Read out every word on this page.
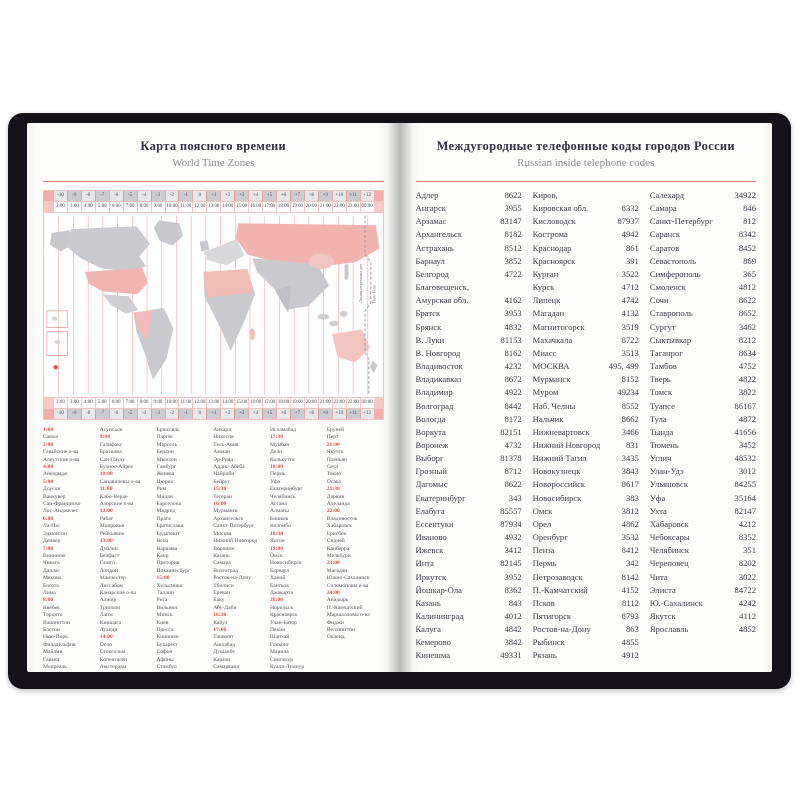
Карта поясного времени
World Time Zones
-10	-9	-8	-7	-6	-5	-4	-3	-2	-1	0	+1	+2	+3	+4	+5	+6	+7	+8	+9	+10	+11	+12
2:00	3:00	4:00	5:00	6:00	7:00	8:00	9:00 10:00 11:00 12:00 13:00 14:00 15:00 16:00 17:00 18:00 19:00 20:00 21:00 22:00 23:00 00:00
Линия перемены дат Date Line
2:00	3:00	4:00	5:00	6:00	7:00	8:00	9:00 10:00 11:00 12:00 13:00 14:00 15:00 16:00 17:00 18:00 19:00 20:00 21:00 22:00 23:00 00:00
-10	-9	-8	-7	-6	-5	-4	-3	-2	-1	0	+1	+2	+3	+4	+5	+6	+7	+8	+9	+10	+11	+12
1:00
Самоа
2:00
Гавайские о-ва
Алеутские о-ва
4:00
Анкоридж
5:00
Доусон
Ванкувер
Сан-Франциско
Лос-Анджелес
6:00
Ла-Пас
Эдмонтон
Денвер
7:00
Виннипег
Чикаго
Даллас
Мехико
Богота
Лима
8:00
Квебек
Торонто
Вашингтон
Бостон
Нью-Йорк
Филадельфия
Майами
Гавана
Монреаль
Асунсьон
9:00
Галифакс
Бразилиа
Сан-Паулу
Буэнос-Айрес
10:00
Сандвичевы о-ва
11:00
Кабо-Верде
Азорские о-ва
12:00
Рабат
Монровия
Рейкьявик
13:00
Дублин
Белфаст
Глазго
Лондон
Манчестер
Лиссабон
Канарские о-ва
Алжир
Триполи
Лагос
Киншаса
Луанда
14:00
Осло
Стокгольм
Копенгаген
Амстердам
Брюссель
Париж
Марсель
Берлин
Мюнхен
Гамбург
Женева
Цюрих
Рим
Милан
Барселона
Мадрид
Прага
Братислава
Будапешт
Вена
Варшава
Каир
Претория
Йоханнесбург
15:00
Хельсинки
Таллин
Рига
Вильнюс
Минск
Киев
Одесса
Кишинев
Бухарест
София
Афины
Стамбул
Анкара
Никосия
Тель-Авив
Амман
Эр-Рияд
Аддис-Абеба
Найроби
Бейрут
15:30
Тегеран
16:00
Мурманск
Архангельск
Санкт-Петербург
Москва
Нижний Новгород
Воронеж
Казань
Самара
Волгоград
Ростов-на-Дону
Тбилиси
Ереван
Баку
Абу-Даби
16:30
Кабул
17:00
Ташкент
Ашхабад
Душанбе
Карачи
Самарканд
Исламабад
17:30
Мумбаи
Дели
Калькутта
18:00
Пермь
Уфа
Екатеринбург
Челябинск
Астана
Алматы
Бишкек
Коломбо
18:30
Янгон
19:00
Омск
Новосибирск
Барнаул
Ханой
Бангкок
Джакарта
20:00
Норильск
Красноярск
Улан-Батор
Пекин
Шанхай
Гонконг
Манила
Сингапур
Куала-Лумпур
Бруней
Перт
21:00
Якутск
Пхеньян
Сеул
Токио
Осака
21:30
Дарвин
Аделаида
22:00
Владивосток
Хабаровск
Брисбен
Сидней
Канберра
Мельбурн
23:00
Магадан
Южно-Сахалинск
Соломоновы о-ва
24:00
Анадырь
П.-Камчатский
Маршалловы о-ва
Фиджи
Веллингтон
Окленд
Междугородные телефонные коды городов России
Russian inside telephone codes
Адлер	8622
Ангарск	3955
Арзамас	83147
Архангельск	8182
Астрахань	8512
Барнаул	3852
Белгород	4722
Благовещенск,
Амурская обл.	4162
Братск	3953
Брянск	4832
В. Луки	81153
В. Новгород	8162
Владивосток	4232
Владикавказ	8672
Владимир	4922
Волгоград	8442
Вологда	8172
Воркута	82151
Воронеж	4732
Выборг	81378
Грозный	8712
Дагомыс	8622
Екатеринбург	343
Елабуга	85557
Ессентуки	87934
Иваново	4932
Ижевск	3412
Инта	82145
Иркутск	3952
Йошкар-Ола	8362
Казань	843
Калининград	4012
Калуга	4842
Кемерово	3842
Кинешма	49331
Киров,
Кировская обл.	8332
Кисловодск	87937
Кострома	4942
Краснодар	861
Красноярск	391
Курган	3522
Курск	4712
Липецк	4742
Магадан	4132
Магнитогорск	3519
Махачкала	8722
Миасс	3513
МОСКВА	495, 499
Мурманск	8152
Муром	49234
Наб. Челны	8552
Нальчик	8662
Нижневартовск	3466
Нижний Новгород	831
Нижний Тагил	3435
Новокузнецк	3843
Новороссийск	8617
Новосибирск	383
Омск	3812
Орел	4862
Оренбург	3532
Пенза	8412
Пермь	342
Петрозаводск	8142
П.-Камчатский	4152
Псков	8112
Пятигорск	8793
Ростов-на-Дону	863
Рыбинск	4855
Рязань	4912
Салехард	34922
Самара	846
Санкт-Петербург	812
Саранск	8342
Саратов	8452
Севастополь	869
Симферополь	365
Смоленск	4812
Сочи	8622
Ставрополь	8652
Сургут	3462
Сыктывкар	8212
Таганрог	8634
Тамбов	4752
Тверь	4822
Томск	3822
Туапсе	86167
Тула	4872
Тында	41656
Тюмень	3452
Углич	48532
Улан-Удэ	3012
Ульяновск	84255
Уфа	35164
Ухта	82147
Хабаровск	4212
Чебоксары	8352
Челябинск	351
Череповец	8202
Чита	3022
Элиста	84722
Ю.-Сахалинск	4242
Якутск	4112
Ярославль	4852
